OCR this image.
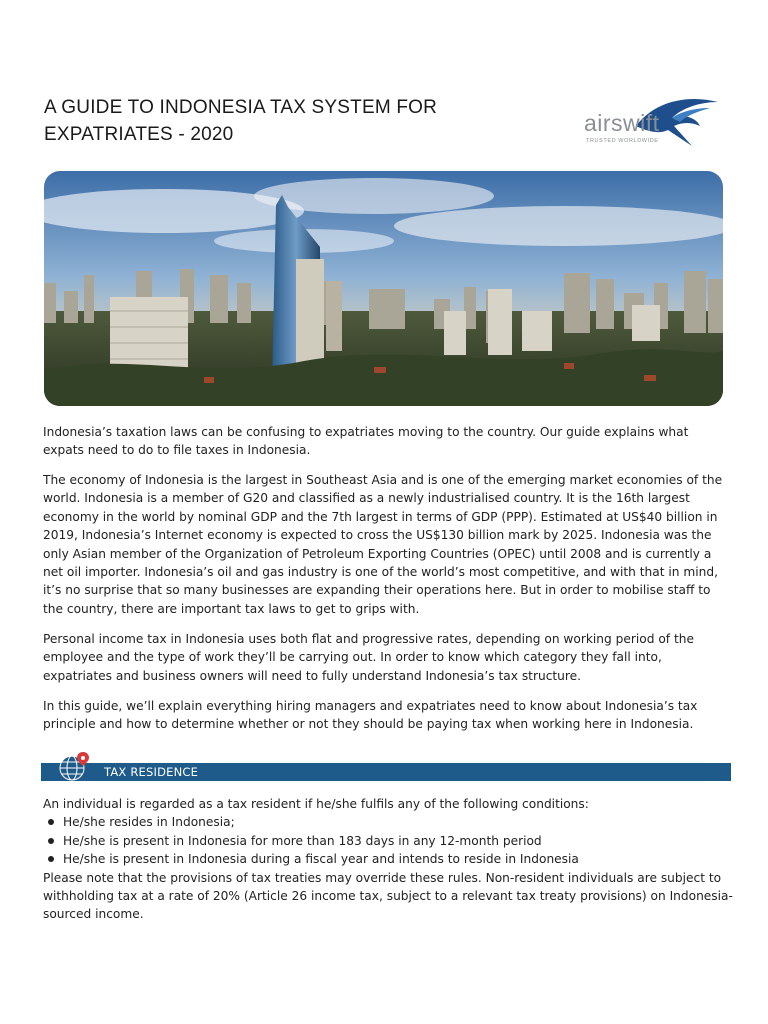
A GUIDE TO INDONESIA TAX SYSTEM FOR
EXPATRIATES - 2020	airswift
TRUSTED WORLDWIDE

Indonesia’s taxation laws can be confusing to expatriates moving to the country. Our guide explains what expats need to do to file taxes in Indonesia.

The economy of Indonesia is the largest in Southeast Asia and is one of the emerging market economies of the world. Indonesia is a member of G20 and classified as a newly industrialised country. It is the 16th largest economy in the world by nominal GDP and the 7th largest in terms of GDP (PPP). Estimated at US$40 billion in 2019, Indonesia’s Internet economy is expected to cross the US$130 billion mark by 2025. Indonesia was the only Asian member of the Organization of Petroleum Exporting Countries (OPEC) until 2008 and is currently a net oil importer. Indonesia’s oil and gas industry is one of the world’s most competitive, and with that in mind, it’s no surprise that so many businesses are expanding their operations here. But in order to mobilise staff to the country, there are important tax laws to get to grips with.

Personal income tax in Indonesia uses both flat and progressive rates, depending on working period of the employee and the type of work they’ll be carrying out. In order to know which category they fall into, expatriates and business owners will need to fully understand Indonesia’s tax structure.

In this guide, we’ll explain everything hiring managers and expatriates need to know about Indonesia’s tax principle and how to determine whether or not they should be paying tax when working here in Indonesia.

TAX RESIDENCE

An individual is regarded as a tax resident if he/she fulfils any of the following conditions:

He/she resides in Indonesia;
He/she is present in Indonesia for more than 183 days in any 12-month period
He/she is present in Indonesia during a fiscal year and intends to reside in Indonesia

Please note that the provisions of tax treaties may override these rules. Non-resident individuals are subject to withholding tax at a rate of 20% (Article 26 income tax, subject to a relevant tax treaty provisions) on Indonesia-sourced income.
